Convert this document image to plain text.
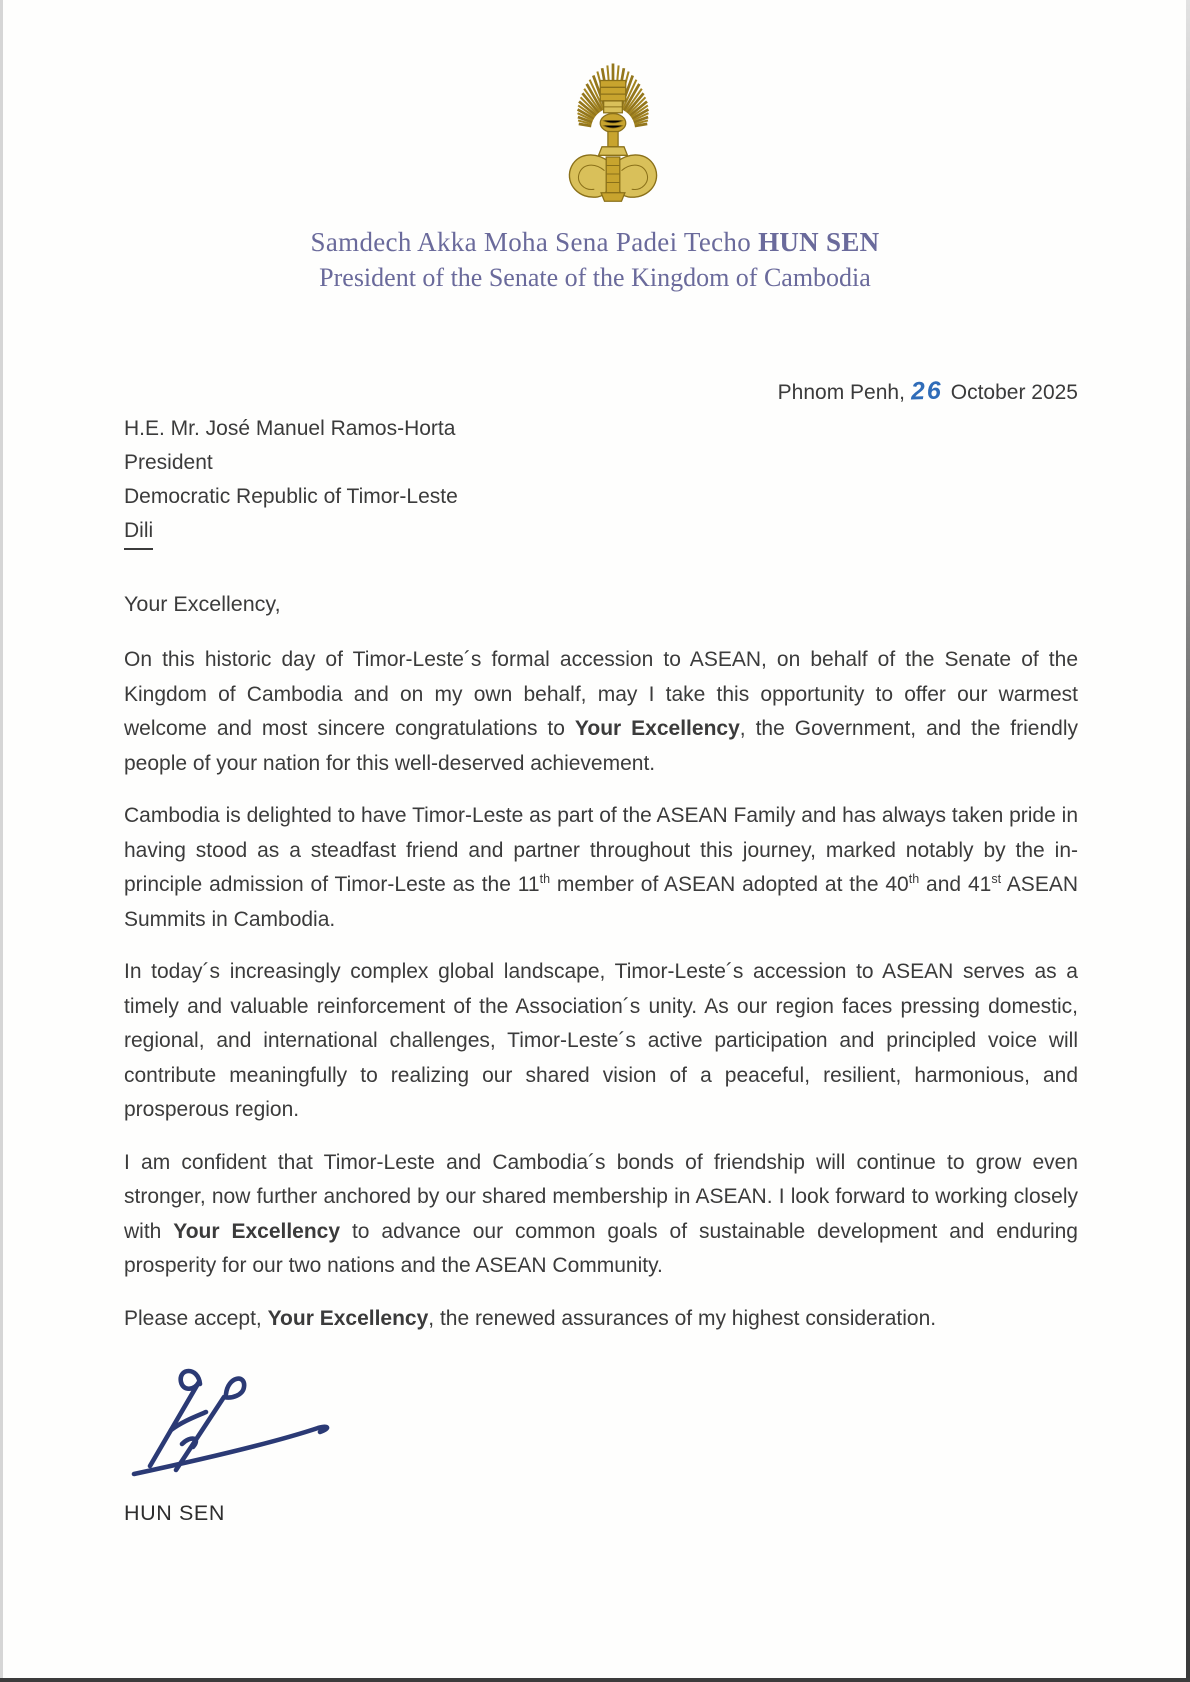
Samdech Akka Moha Sena Padei Techo HUN SEN
President of the Senate of the Kingdom of Cambodia
Phnom Penh, 26 October 2025
H.E. Mr. José Manuel Ramos-Horta
President
Democratic Republic of Timor-Leste
Dili
Your Excellency,

On this historic day of Timor-Leste´s formal accession to ASEAN, on behalf of the Senate of the Kingdom of Cambodia and on my own behalf, may I take this opportunity to offer our warmest welcome and most sincere congratulations to Your Excellency, the Government, and the friendly people of your nation for this well-deserved achievement.

Cambodia is delighted to have Timor-Leste as part of the ASEAN Family and has always taken pride in having stood as a steadfast friend and partner throughout this journey, marked notably by the in-principle admission of Timor-Leste as the 11th member of ASEAN adopted at the 40th and 41st ASEAN Summits in Cambodia.

In today´s increasingly complex global landscape, Timor-Leste´s accession to ASEAN serves as a timely and valuable reinforcement of the Association´s unity. As our region faces pressing domestic, regional, and international challenges, Timor-Leste´s active participation and principled voice will contribute meaningfully to realizing our shared vision of a peaceful, resilient, harmonious, and prosperous region.

I am confident that Timor-Leste and Cambodia´s bonds of friendship will continue to grow even stronger, now further anchored by our shared membership in ASEAN. I look forward to working closely with Your Excellency to advance our common goals of sustainable development and enduring prosperity for our two nations and the ASEAN Community.

Please accept, Your Excellency, the renewed assurances of my highest consideration.

HUN SEN
